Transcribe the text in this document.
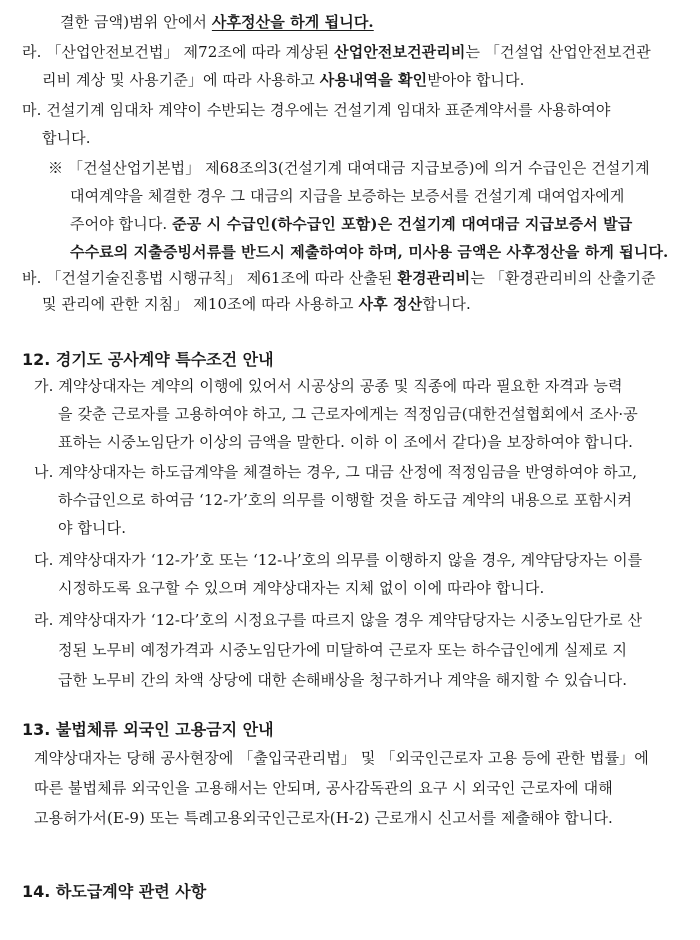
결한 금액)범위 안에서 사후정산을 하게 됩니다.
라. 「산업안전보건법」 제72조에 따라 계상된 산업안전보건관리비는 「건설업 산업안전보건관
리비 계상 및 사용기준」에 따라 사용하고 사용내역을 확인받아야 합니다.
마. 건설기계 임대차 계약이 수반되는 경우에는 건설기계 임대차 표준계약서를 사용하여야
합니다.
※ 「건설산업기본법」 제68조의3(건설기계 대여대금 지급보증)에 의거 수급인은 건설기계
대여계약을 체결한 경우 그 대금의 지급을 보증하는 보증서를 건설기계 대여업자에게
주어야 합니다. 준공 시 수급인(하수급인 포함)은 건설기계 대여대금 지급보증서 발급
수수료의 지출증빙서류를 반드시 제출하여야 하며, 미사용 금액은 사후정산을 하게 됩니다.
바. 「건설기술진흥법 시행규칙」 제61조에 따라 산출된 환경관리비는 「환경관리비의 산출기준
및 관리에 관한 지침」 제10조에 따라 사용하고 사후 정산합니다.
12. 경기도 공사계약 특수조건 안내
가. 계약상대자는 계약의 이행에 있어서 시공상의 공종 및 직종에 따라 필요한 자격과 능력
을 갖춘 근로자를 고용하여야 하고, 그 근로자에게는 적정임금(대한건설협회에서 조사·공
표하는 시중노임단가 이상의 금액을 말한다. 이하 이 조에서 같다)을 보장하여야 합니다.
나. 계약상대자는 하도급계약을 체결하는 경우, 그 대금 산정에 적정임금을 반영하여야 하고,
하수급인으로 하여금 ‘12-가’호의 의무를 이행할 것을 하도급 계약의 내용으로 포함시켜
야 합니다.
다. 계약상대자가 ‘12-가’호 또는 ‘12-나’호의 의무를 이행하지 않을 경우, 계약담당자는 이를
시정하도록 요구할 수 있으며 계약상대자는 지체 없이 이에 따라야 합니다.
라. 계약상대자가 ‘12-다’호의 시정요구를 따르지 않을 경우 계약담당자는 시중노임단가로 산
정된 노무비 예정가격과 시중노임단가에 미달하여 근로자 또는 하수급인에게 실제로 지
급한 노무비 간의 차액 상당에 대한 손해배상을 청구하거나 계약을 해지할 수 있습니다.
13. 불법체류 외국인 고용금지 안내
계약상대자는 당해 공사현장에 「출입국관리법」 및 「외국인근로자 고용 등에 관한 법률」에
따른 불법체류 외국인을 고용해서는 안되며, 공사감독관의 요구 시 외국인 근로자에 대해
고용허가서(E-9) 또는 특례고용외국인근로자(H-2) 근로개시 신고서를 제출해야 합니다.
14. 하도급계약 관련 사항
